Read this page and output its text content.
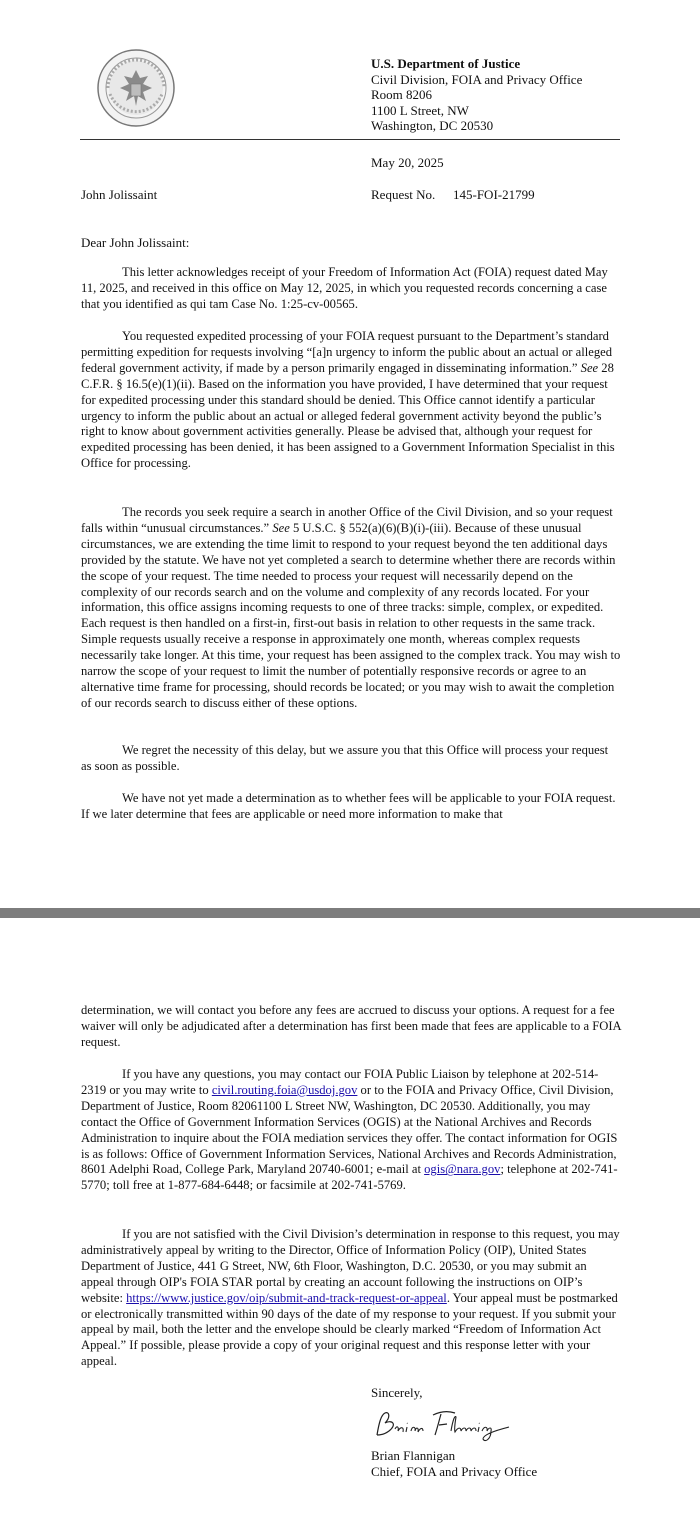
U.S. Department of Justice
Civil Division, FOIA and Privacy Office
Room 8206
1100 L Street, NW
Washington, DC 20530
May 20, 2025
John Jolissaint	Request No. 145-FOI-21799
Dear John Jolissaint:

This letter acknowledges receipt of your Freedom of Information Act (FOIA) request dated May 11, 2025, and received in this office on May 12, 2025, in which you requested records concerning a case that you identified as qui tam Case No. 1:25-cv-00565.

You requested expedited processing of your FOIA request pursuant to the Department’s standard permitting expedition for requests involving “[a]n urgency to inform the public about an actual or alleged federal government activity, if made by a person primarily engaged in disseminating information.” See 28 C.F.R. § 16.5(e)(1)(ii). Based on the information you have provided, I have determined that your request for expedited processing under this standard should be denied. This Office cannot identify a particular urgency to inform the public about an actual or alleged federal government activity beyond the public’s right to know about government activities generally. Please be advised that, although your request for expedited processing has been denied, it has been assigned to a Government Information Specialist in this Office for processing.

The records you seek require a search in another Office of the Civil Division, and so your request falls within “unusual circumstances.” See 5 U.S.C. § 552(a)(6)(B)(i)-(iii). Because of these unusual circumstances, we are extending the time limit to respond to your request beyond the ten additional days provided by the statute. We have not yet completed a search to determine whether there are records within the scope of your request. The time needed to process your request will necessarily depend on the complexity of our records search and on the volume and complexity of any records located. For your information, this office assigns incoming requests to one of three tracks: simple, complex, or expedited. Each request is then handled on a first-in, first-out basis in relation to other requests in the same track. Simple requests usually receive a response in approximately one month, whereas complex requests necessarily take longer. At this time, your request has been assigned to the complex track. You may wish to narrow the scope of your request to limit the number of potentially responsive records or agree to an alternative time frame for processing, should records be located; or you may wish to await the completion of our records search to discuss either of these options.

We regret the necessity of this delay, but we assure you that this Office will process your request as soon as possible.

We have not yet made a determination as to whether fees will be applicable to your FOIA request. If we later determine that fees are applicable or need more information to make that

determination, we will contact you before any fees are accrued to discuss your options. A request for a fee waiver will only be adjudicated after a determination has first been made that fees are applicable to a FOIA request.

If you have any questions, you may contact our FOIA Public Liaison by telephone at 202-514-2319 or you may write to civil.routing.foia@usdoj.gov or to the FOIA and Privacy Office, Civil Division, Department of Justice, Room 82061100 L Street NW, Washington, DC 20530. Additionally, you may contact the Office of Government Information Services (OGIS) at the National Archives and Records Administration to inquire about the FOIA mediation services they offer. The contact information for OGIS is as follows: Office of Government Information Services, National Archives and Records Administration, 8601 Adelphi Road, College Park, Maryland 20740-6001; e-mail at ogis@nara.gov; telephone at 202-741-5770; toll free at 1-877-684-6448; or facsimile at 202-741-5769.

If you are not satisfied with the Civil Division’s determination in response to this request, you may administratively appeal by writing to the Director, Office of Information Policy (OIP), United States Department of Justice, 441 G Street, NW, 6th Floor, Washington, D.C. 20530, or you may submit an appeal through OIP's FOIA STAR portal by creating an account following the instructions on OIP’s website: https://www.justice.gov/oip/submit-and-track-request-or-appeal. Your appeal must be postmarked or electronically transmitted within 90 days of the date of my response to your request. If you submit your appeal by mail, both the letter and the envelope should be clearly marked “Freedom of Information Act Appeal.” If possible, please provide a copy of your original request and this response letter with your appeal.

Sincerely,
Brian Flannigan
Chief, FOIA and Privacy Office
